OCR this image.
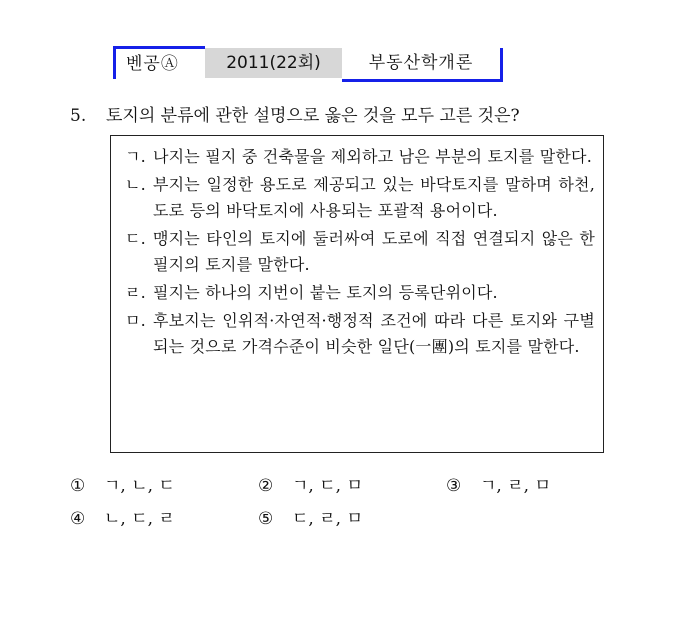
벤공Ⓐ	2011(22회)	부동산학개론
5. 토지의 분류에 관한 설명으로 옳은 것을 모두 고른 것은?
ㄱ. 나지는 필지 중 건축물을 제외하고 남은 부분의 토지를 말한다.
ㄴ. 부지는 일정한 용도로 제공되고 있는 바닥토지를 말하며 하천, 도로 등의 바닥토지에 사용되는 포괄적 용어이다.
ㄷ. 맹지는 타인의 토지에 둘러싸여 도로에 직접 연결되지 않은 한 필지의 토지를 말한다.
ㄹ. 필지는 하나의 지번이 붙는 토지의 등록단위이다.
ㅁ. 후보지는 인위적·자연적·행정적 조건에 따라 다른 토지와 구별되는 것으로 가격수준이 비슷한 일단(一團)의 토지를 말한다.
① ㄱ, ㄴ, ㄷ	② ㄱ, ㄷ, ㅁ	③ ㄱ, ㄹ, ㅁ
④ ㄴ, ㄷ, ㄹ	⑤ ㄷ, ㄹ, ㅁ
